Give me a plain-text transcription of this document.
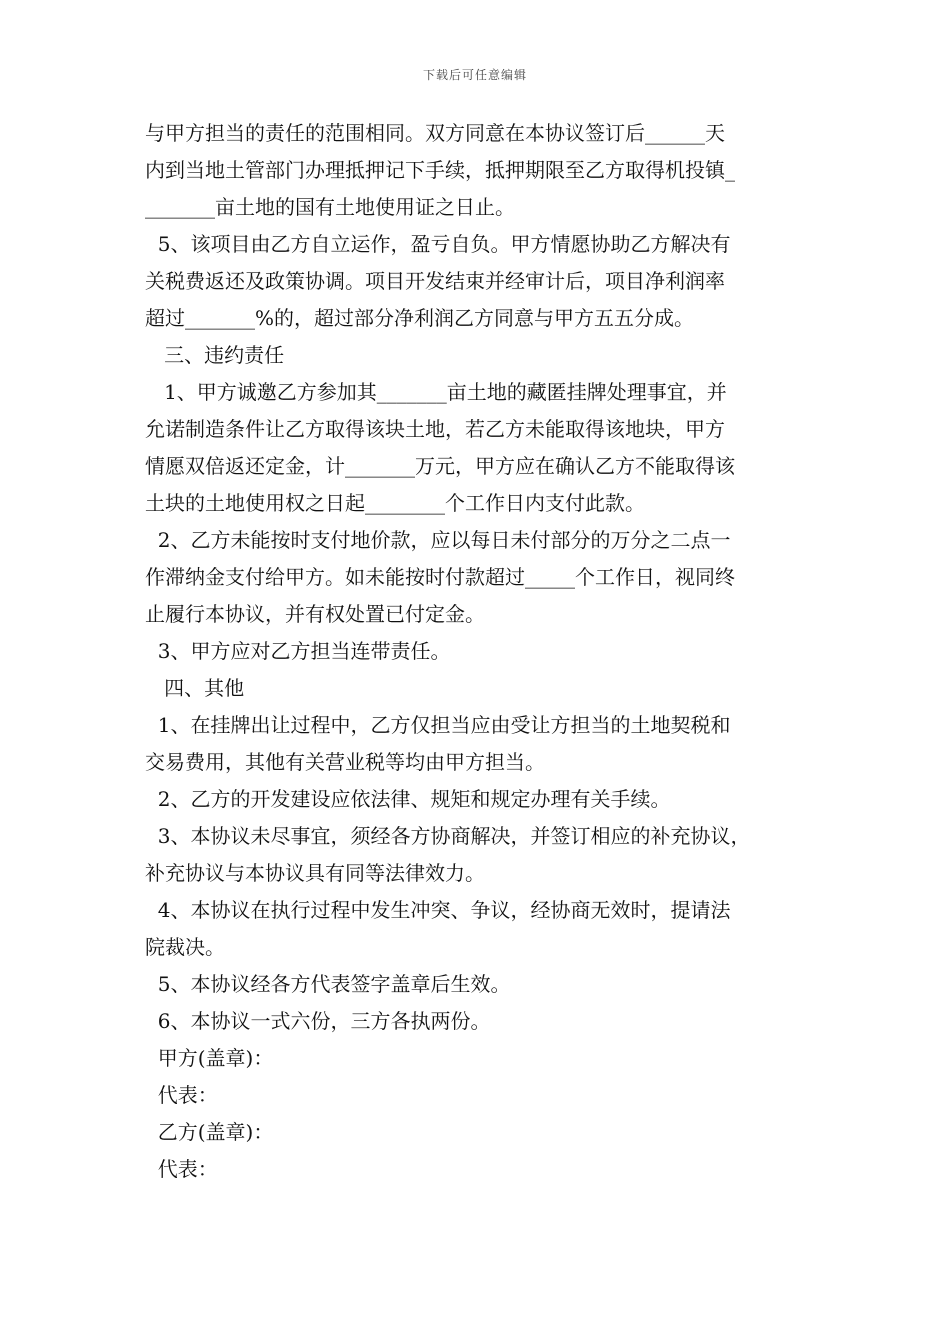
下载后可任意编辑
与甲方担当的责任的范围相同。双方同意在本协议签订后______天
内到当地土管部门办理抵押记下手续，抵押期限至乙方取得机投镇_
_______亩土地的国有土地使用证之日止。
5、该项目由乙方自立运作，盈亏自负。甲方情愿协助乙方解决有
关税费返还及政策协调。项目开发结束并经审计后，项目净利润率
超过_______%的，超过部分净利润乙方同意与甲方五五分成。
三、违约责任
1、甲方诚邀乙方参加其_______亩土地的藏匿挂牌处理事宜，并
允诺制造条件让乙方取得该块土地，若乙方未能取得该地块，甲方
情愿双倍返还定金，计_______万元，甲方应在确认乙方不能取得该
土块的土地使用权之日起________个工作日内支付此款。
2、乙方未能按时支付地价款，应以每日未付部分的万分之二点一
作滞纳金支付给甲方。如未能按时付款超过_____个工作日，视同终
止履行本协议，并有权处置已付定金。
3、甲方应对乙方担当连带责任。
四、其他
1、在挂牌出让过程中，乙方仅担当应由受让方担当的土地契税和
交易费用，其他有关营业税等均由甲方担当。
2、乙方的开发建设应依法律、规矩和规定办理有关手续。
3、本协议未尽事宜，须经各方协商解决，并签订相应的补充协议，
补充协议与本协议具有同等法律效力。
4、本协议在执行过程中发生冲突、争议，经协商无效时，提请法
院裁决。
5、本协议经各方代表签字盖章后生效。
6、本协议一式六份，三方各执两份。
甲方(盖章)：
代表：
乙方(盖章)：
代表：
